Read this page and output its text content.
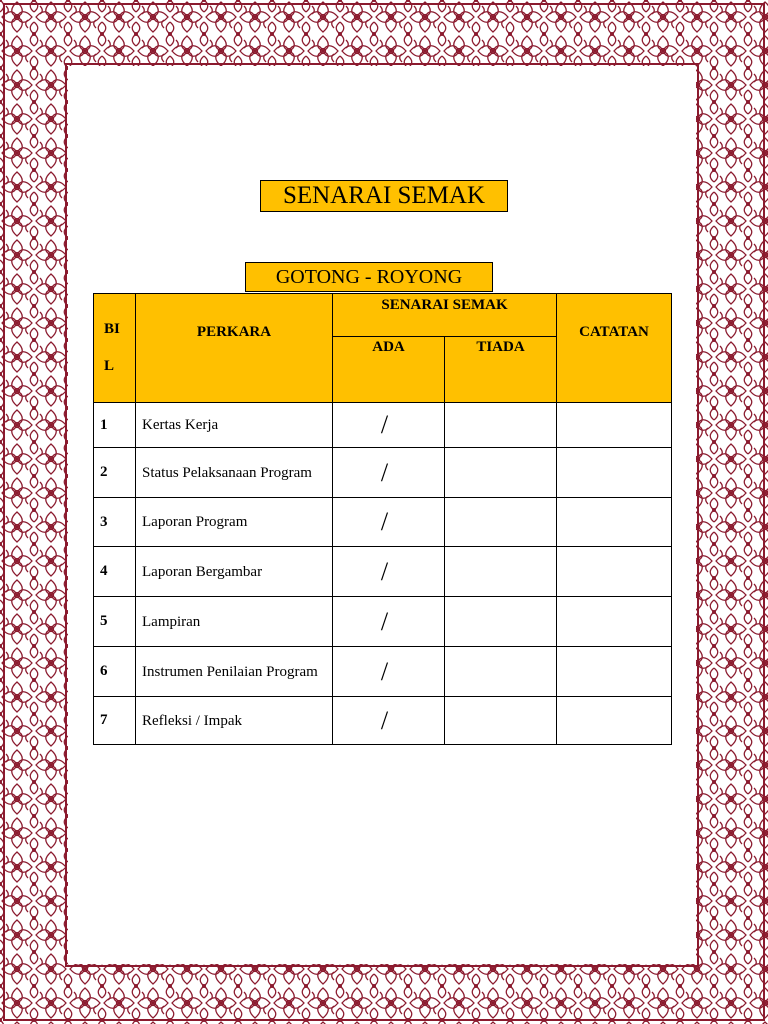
SENARAI SEMAK
GOTONG - ROYONG
BI
L	PERKARA	SENARAI SEMAK		CATATAN
		ADA	TIADA	
1	Kertas Kerja	/		
2	Status Pelaksanaan Program	/		
3	Laporan Program	/		
4	Laporan Bergambar	/		
5	Lampiran	/		
6	Instrumen Penilaian Program	/		
7	Refleksi / Impak	/		
